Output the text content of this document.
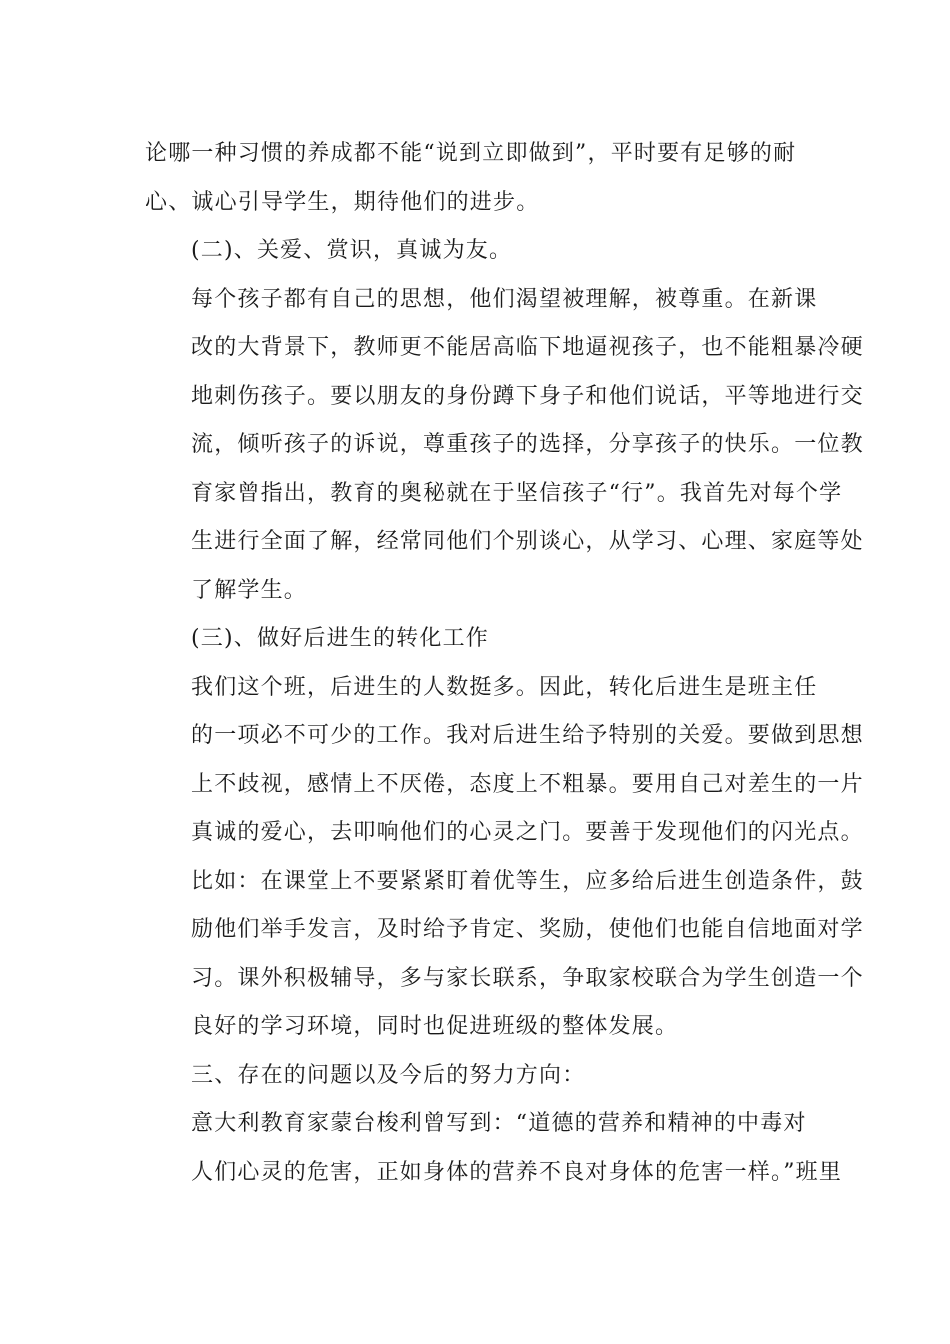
论哪一种习惯的养成都不能“说到立即做到”，平时要有足够的耐
心、诚心引导学生，期待他们的进步。

(二)、关爱、赏识，真诚为友。

每个孩子都有自己的思想，他们渴望被理解，被尊重。在新课
改的大背景下，教师更不能居高临下地逼视孩子，也不能粗暴冷硬
地刺伤孩子。要以朋友的身份蹲下身子和他们说话，平等地进行交
流，倾听孩子的诉说，尊重孩子的选择，分享孩子的快乐。一位教
育家曾指出，教育的奥秘就在于坚信孩子“行”。我首先对每个学
生进行全面了解，经常同他们个别谈心，从学习、心理、家庭等处
了解学生。

(三)、做好后进生的转化工作

我们这个班，后进生的人数挺多。因此，转化后进生是班主任
的一项必不可少的工作。我对后进生给予特别的关爱。要做到思想
上不歧视，感情上不厌倦，态度上不粗暴。要用自己对差生的一片
真诚的爱心，去叩响他们的心灵之门。要善于发现他们的闪光点。
比如：在课堂上不要紧紧盯着优等生，应多给后进生创造条件，鼓
励他们举手发言，及时给予肯定、奖励，使他们也能自信地面对学
习。课外积极辅导，多与家长联系，争取家校联合为学生创造一个
良好的学习环境，同时也促进班级的整体发展。

三、存在的问题以及今后的努力方向：

意大利教育家蒙台梭利曾写到：“道德的营养和精神的中毒对
人们心灵的危害，正如身体的营养不良对身体的危害一样。”班里
